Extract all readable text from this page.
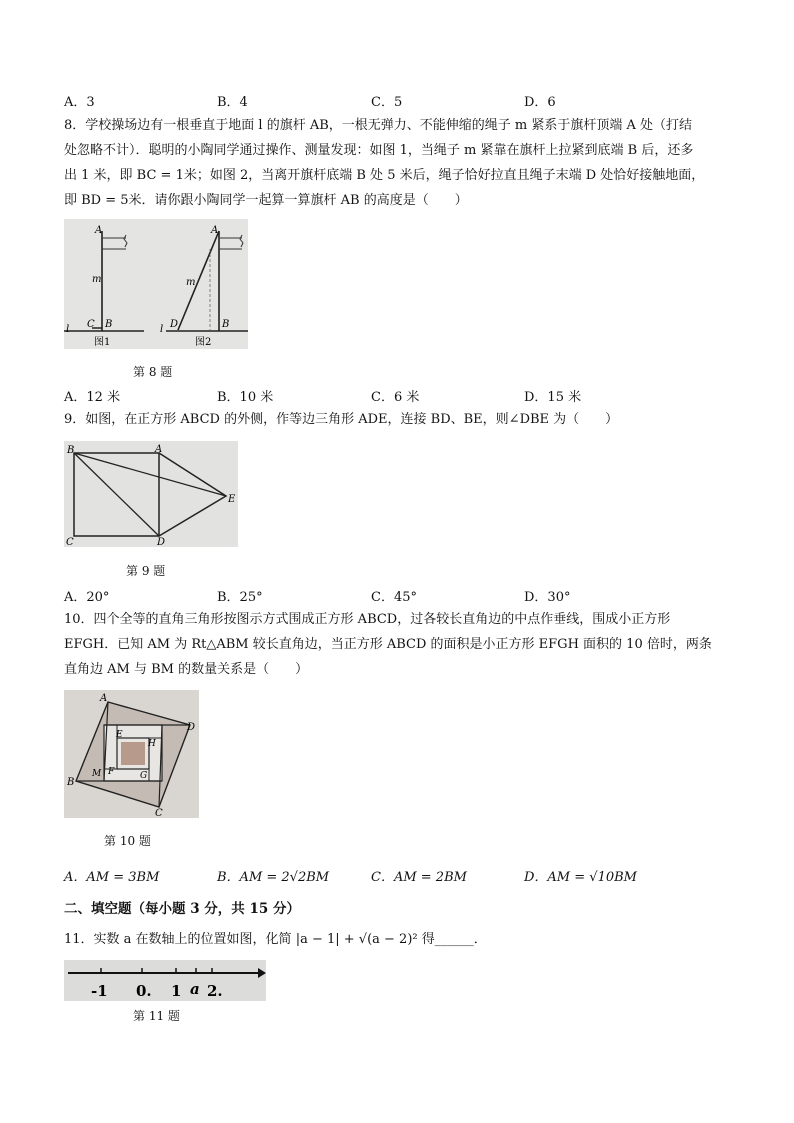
A．3	B．4	C．5	D．6
8．学校操场边有一根垂直于地面 l 的旗杆 AB，一根无弹力、不能伸缩的绳子 m 紧系于旗杆顶端 A 处（打结
处忽略不计）．聪明的小陶同学通过操作、测量发现：如图 1，当绳子 m 紧靠在旗杆上拉紧到底端 B 后，还多
出 1 米，即 BC = 1米；如图 2，当离开旗杆底端 B 处 5 米后，绳子恰好拉直且绳子末端 D 处恰好接触地面，
即 BD = 5米．请你跟小陶同学一起算一算旗杆 AB 的高度是（　　）
A
m
C B
l
图1
A
m
D	B
l
图2
第 8 题
A．12 米	B．10 米	C．6 米	D．15 米
9．如图，在正方形 ABCD 的外侧，作等边三角形 ADE，连接 BD、BE，则∠DBE 为（　　）
B	A
E
C	D
第 9 题
A．20°	B．25°	C．45°	D．30°
10．四个全等的直角三角形按图示方式围成正方形 ABCD，过各较长直角边的中点作垂线，围成小正方形
EFGH．已知 AM 为 Rt△ABM 较长直角边，当正方形 ABCD 的面积是小正方形 EFGH 面积的 10 倍时，两条
直角边 AM 与 BM 的数量关系是（　　）
A
D
E
H
B
M F	G
C
第 10 题
A．AM = 3BM	B．AM = 2√2BM	C．AM = 2BM	D．AM = √10BM
二、填空题（每小题 3 分，共 15 分）
11．实数 a 在数轴上的位置如图，化简 |a − 1| + √(a − 2)² 得______．
-1 0. 1 a 2.
第 11 题
